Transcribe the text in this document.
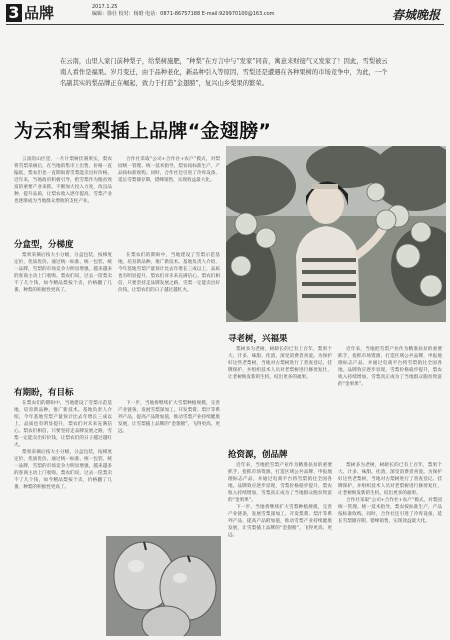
3 品牌	2017.1.25
编辑：徐壮 校对：杨晗 电话：0871-86757188 E-mail:929970100@163.com	春城晚报
在云南，山里人家门前种梨子，给梨树施肥，“种梨”在方言中与“发家”同音，寓意来财接气又发家了！因此，雪梨被云南人看作是福果。岁月变迁，由于品种老化，新品种引入等原因，雪梨还是遭遇在各种果树的市场竞争中，为此，一个名副其实的梨品牌正在崛起，致力于打造“金翅膀”，复兴山乡梨果的繁荣。
为云和雪梨插上品牌“金翅膀”
分盒型，分梯度
有期盼，有目标
寻老树，兴福果
抢资源，创品牌

云南的山区里，一片片梨树挂满果实，梨农将雪梨采摘后，在当地的集市上出售，价格一直偏低，梨农们也一直期盼着雪梨能卖出好价格。近年来，当地政府积极引导，把雪梨作为脱贫致富的重要产业来抓，不断加大投入力度，改良品种、提升品质，让梨农收入逐年提高，雪梨产业也逐渐成为当地群众增收的支柱产业。

合作社采取“公司+合作社+农户”模式，对梨园统一管理、统一技术指导，梨农按标准生产，产品按标准收购。同时，合作社还引进了冷库设备，延长雪梨储存期，错峰销售，实现效益最大化。

梨果采摘后按大小分级，分盒包装，按梯度定价，优质优价。通过统一标准、统一包装、统一品牌，雪梨的市场竞争力明显增强，越来越多的客商主动上门收购。梨农们说，过去一筐梨卖不了几个钱，如今精品梨按个卖，价格翻了几番，种梨的积极性更高了。

在梨农们的期盼中，当地建设了雪梨示范基地，培育新品种，推广新技术。基地负责人介绍，今年基地雪梨产量预计比去年增长三成以上，品质也有明显提升，梨农们对未来充满信心。梨农们相信，只要坚持走品牌发展之路，雪梨一定能卖出好价钱，让梨农们的日子越过越红火。

在梨农们的期盼中，当地建设了雪梨示范基地，培育新品种，推广新技术。基地负责人介绍，今年基地雪梨产量预计比去年增长三成以上，品质也有明显提升，梨农们对未来充满信心。梨农们相信，只要坚持走品牌发展之路，雪梨一定能卖出好价钱，让梨农们的日子越过越红火。

梨果采摘后按大小分级，分盒包装，按梯度定价，优质优价。通过统一标准、统一包装、统一品牌，雪梨的市场竞争力明显增强，越来越多的客商主动上门收购。梨农们说，过去一筐梨卖不了几个钱，如今精品梨按个卖，价格翻了几番，种梨的积极性更高了。

下一步，当地将继续扩大雪梨种植规模，完善产业链条，发展雪梨深加工，开发梨膏、梨汁等系列产品，提高产品附加值，推动雪梨产业持续健康发展，让雪梨插上品牌的“金翅膀”，飞得更高、更远。

梨树多为老树，树龄长的已有上百年，梨果个大、汁多、味甜、化渣，深受消费者喜爱。为保护好这些老梨树，当地对古梨树进行了普查登记、挂牌保护，并组织技术人员对老梨树进行修剪复壮，让老树焕发新的生机，结出更多的福果。

近年来，当地把雪梨产业作为精准扶贫的重要抓手，抢抓市场资源，打造区域公共品牌，申报地理标志产品，并通过电商平台将雪梨销往全国各地。品牌效应逐步显现，雪梨价格稳步提升，梨农收入持续增加，雪梨真正成为了当地群众脱贫致富的“金果果”。

近年来，当地把雪梨产业作为精准扶贫的重要抓手，抢抓市场资源，打造区域公共品牌，申报地理标志产品，并通过电商平台将雪梨销往全国各地。品牌效应逐步显现，雪梨价格稳步提升，梨农收入持续增加，雪梨真正成为了当地群众脱贫致富的“金果果”。

下一步，当地将继续扩大雪梨种植规模，完善产业链条，发展雪梨深加工，开发梨膏、梨汁等系列产品，提高产品附加值，推动雪梨产业持续健康发展，让雪梨插上品牌的“金翅膀”，飞得更高、更远。

梨树多为老树，树龄长的已有上百年，梨果个大、汁多、味甜、化渣，深受消费者喜爱。为保护好这些老梨树，当地对古梨树进行了普查登记、挂牌保护，并组织技术人员对老梨树进行修剪复壮，让老树焕发新的生机，结出更多的福果。

合作社采取“公司+合作社+农户”模式，对梨园统一管理、统一技术指导，梨农按标准生产，产品按标准收购。同时，合作社还引进了冷库设备，延长雪梨储存期，错峰销售，实现效益最大化。
